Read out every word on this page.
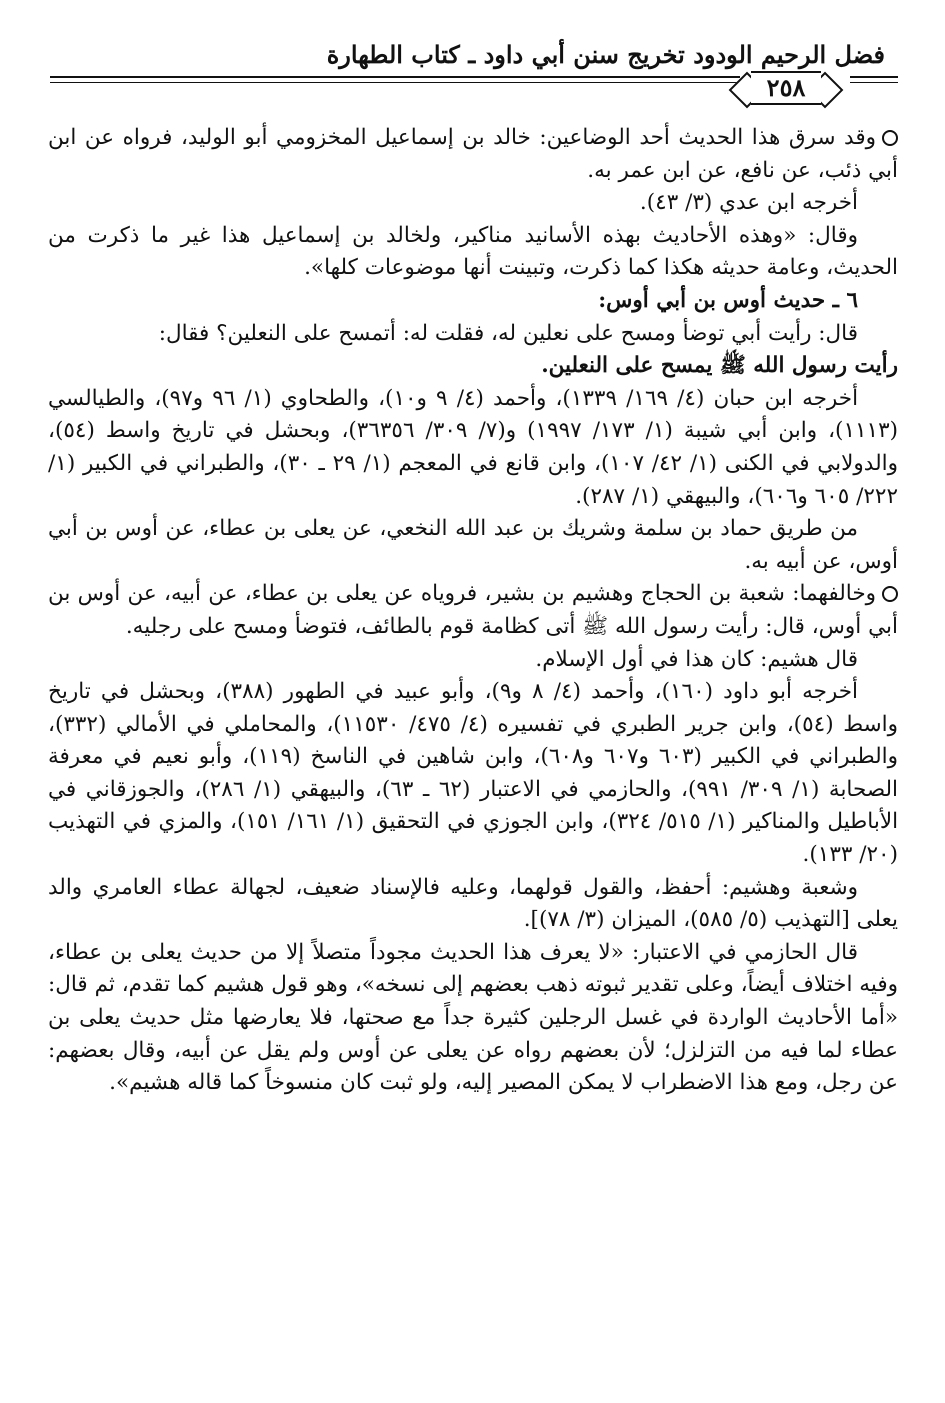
فضل الرحيم الودود تخريج سنن أبي داود ـ كتاب الطهارة
٢٥٨

وقد سرق هذا الحديث أحد الوضاعين: خالد بن إسماعيل المخزومي أبو الوليد، فرواه عن ابن أبي ذئب، عن نافع، عن ابن عمر به.

أخرجه ابن عدي (٣/ ٤٣).

وقال: «وهذه الأحاديث بهذه الأسانيد مناكير، ولخالد بن إسماعيل هذا غير ما ذكرت من الحديث، وعامة حديثه هكذا كما ذكرت، وتبينت أنها موضوعات كلها».

٦ ـ حديث أوس بن أبي أوس:

قال: رأيت أبي توضأ ومسح على نعلين له، فقلت له: أتمسح على النعلين؟ فقال:

رأيت رسول الله ﷺ يمسح على النعلين.

أخرجه ابن حبان (٤/ ١٦٩/ ١٣٣٩)، وأحمد (٤/ ٩ و١٠)، والطحاوي (١/ ٩٦ و٩٧)، والطيالسي (١١١٣)، وابن أبي شيبة (١/ ١٧٣/ ١٩٩٧) و(٧/ ٣٠٩/ ٣٦٣٥٦)، وبحشل في تاريخ واسط (٥٤)، والدولابي في الكنى (١/ ٤٢/ ١٠٧)، وابن قانع في المعجم (١/ ٢٩ ـ ٣٠)، والطبراني في الكبير (١/ ٢٢٢/ ٦٠٥ و٦٠٦)، والبيهقي (١/ ٢٨٧).

من طريق حماد بن سلمة وشريك بن عبد الله النخعي، عن يعلى بن عطاء، عن أوس بن أبي أوس، عن أبيه به.

وخالفهما: شعبة بن الحجاج وهشيم بن بشير، فروياه عن يعلى بن عطاء، عن أبيه، عن أوس بن أبي أوس، قال: رأيت رسول الله ﷺ أتى كظامة قوم بالطائف، فتوضأ ومسح على رجليه.

قال هشيم: كان هذا في أول الإسلام.

أخرجه أبو داود (١٦٠)، وأحمد (٤/ ٨ و٩)، وأبو عبيد في الطهور (٣٨٨)، وبحشل في تاريخ واسط (٥٤)، وابن جرير الطبري في تفسيره (٤/ ٤٧٥/ ١١٥٣٠)، والمحاملي في الأمالي (٣٣٢)، والطبراني في الكبير (٦٠٣ و٦٠٧ و٦٠٨)، وابن شاهين في الناسخ (١١٩)، وأبو نعيم في معرفة الصحابة (١/ ٣٠٩/ ٩٩١)، والحازمي في الاعتبار (٦٢ ـ ٦٣)، والبيهقي (١/ ٢٨٦)، والجوزقاني في الأباطيل والمناكير (١/ ٥١٥/ ٣٢٤)، وابن الجوزي في التحقيق (١/ ١٦١/ ١٥١)، والمزي في التهذيب (٢٠/ ١٣٣).

وشعبة وهشيم: أحفظ، والقول قولهما، وعليه فالإسناد ضعيف، لجهالة عطاء العامري والد يعلى [التهذيب (٥/ ٥٨٥)، الميزان (٣/ ٧٨)].

قال الحازمي في الاعتبار: «لا يعرف هذا الحديث مجوداً متصلاً إلا من حديث يعلى بن عطاء، وفيه اختلاف أيضاً، وعلى تقدير ثبوته ذهب بعضهم إلى نسخه»، وهو قول هشيم كما تقدم، ثم قال: «أما الأحاديث الواردة في غسل الرجلين كثيرة جداً مع صحتها، فلا يعارضها مثل حديث يعلى بن عطاء لما فيه من التزلزل؛ لأن بعضهم رواه عن يعلى عن أوس ولم يقل عن أبيه، وقال بعضهم: عن رجل، ومع هذا الاضطراب لا يمكن المصير إليه، ولو ثبت كان منسوخاً كما قاله هشيم».
